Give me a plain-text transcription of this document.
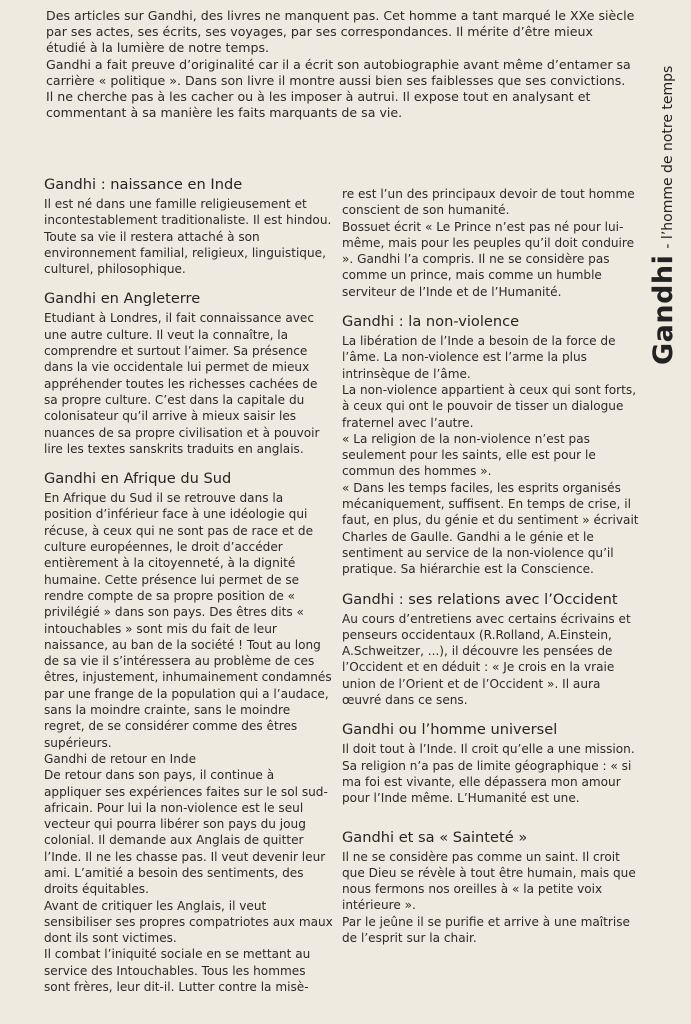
Des articles sur Gandhi, des livres ne manquent pas. Cet homme a tant marqué le XXe siècle par ses actes, ses écrits, ses voyages, par ses correspondances. Il mérite d’être mieux étudié à la lumière de notre temps.

Gandhi a fait preuve d’originalité car il a écrit son autobiographie avant même d’entamer sa carrière « politique ». Dans son livre il montre aussi bien ses faiblesses que ses convictions. Il ne cherche pas à les cacher ou à les imposer à autrui. Il expose tout en analysant et commentant à sa manière les faits marquants de sa vie.

Gandhi- l’homme de notre temps
Gandhi : naissance en Inde

Il est né dans une famille religieusement et incontestablement traditionaliste. Il est hindou. Toute sa vie il restera attaché à son environnement familial, religieux, linguistique, culturel, philosophique.

Gandhi en Angleterre

Etudiant à Londres, il fait connaissance avec une autre culture. Il veut la connaître, la comprendre et surtout l’aimer. Sa présence dans la vie occidentale lui permet de mieux appréhender toutes les richesses cachées de sa propre culture. C’est dans la capitale du colonisateur qu’il arrive à mieux saisir les nuances de sa propre civilisation et à pouvoir lire les textes sanskrits traduits en anglais.

Gandhi en Afrique du Sud

En Afrique du Sud il se retrouve dans la position d’inférieur face à une idéologie qui récuse, à ceux qui ne sont pas de race et de culture européennes, le droit d’accéder entièrement à la citoyenneté, à la dignité humaine. Cette présence lui permet de se rendre compte de sa propre position de « privilégié » dans son pays. Des êtres dits « intouchables » sont mis du fait de leur naissance, au ban de la société ! Tout au long de sa vie il s’intéressera au problème de ces êtres, injustement, inhumainement condamnés par une frange de la population qui a l’audace, sans la moindre crainte, sans le moindre regret, de se considérer comme des êtres supérieurs.

Gandhi de retour en Inde

De retour dans son pays, il continue à appliquer ses expériences faites sur le sol sud-africain. Pour lui la non-violence est le seul vecteur qui pourra libérer son pays du joug colonial. Il demande aux Anglais de quitter l’Inde. Il ne les chasse pas. Il veut devenir leur ami. L’amitié a besoin des sentiments, des droits équitables.

Avant de critiquer les Anglais, il veut sensibiliser ses propres compatriotes aux maux dont ils sont victimes.

Il combat l’iniquité sociale en se mettant au service des Intouchables. Tous les hommes sont frères, leur dit-il. Lutter contre la misè-

re est l’un des principaux devoir de tout homme conscient de son humanité.

Bossuet écrit « Le Prince n’est pas né pour lui-même, mais pour les peuples qu’il doit conduire ». Gandhi l’a compris. Il ne se considère pas comme un prince, mais comme un humble serviteur de l’Inde et de l’Humanité.

Gandhi : la non-violence

La libération de l’Inde a besoin de la force de l’âme. La non-violence est l’arme la plus intrinsèque de l’âme.

La non-violence appartient à ceux qui sont forts, à ceux qui ont le pouvoir de tisser un dialogue fraternel avec l’autre.

« La religion de la non-violence n’est pas seulement pour les saints, elle est pour le commun des hommes ».

« Dans les temps faciles, les esprits organisés mécaniquement, suffisent. En temps de crise, il faut, en plus, du génie et du sentiment » écrivait Charles de Gaulle. Gandhi a le génie et le sentiment au service de la non-violence qu’il pratique. Sa hiérarchie est la Conscience.

Gandhi : ses relations avec l’Occident

Au cours d’entretiens avec certains écrivains et penseurs occidentaux (R.Rolland, A.Einstein, A.Schweitzer, ...), il découvre les pensées de l’Occident et en déduit : « Je crois en la vraie union de l’Orient et de l’Occident ». Il aura œuvré dans ce sens.

Gandhi ou l’homme universel

Il doit tout à l’Inde. Il croit qu’elle a une mission. Sa religion n’a pas de limite géographique : « si ma foi est vivante, elle dépassera mon amour pour l’Inde même. L’Humanité est une.

Gandhi et sa « Sainteté »

Il ne se considère pas comme un saint. Il croit que Dieu se révèle à tout être humain, mais que nous fermons nos oreilles à « la petite voix intérieure ».

Par le jeûne il se purifie et arrive à une maîtrise de l’esprit sur la chair.
